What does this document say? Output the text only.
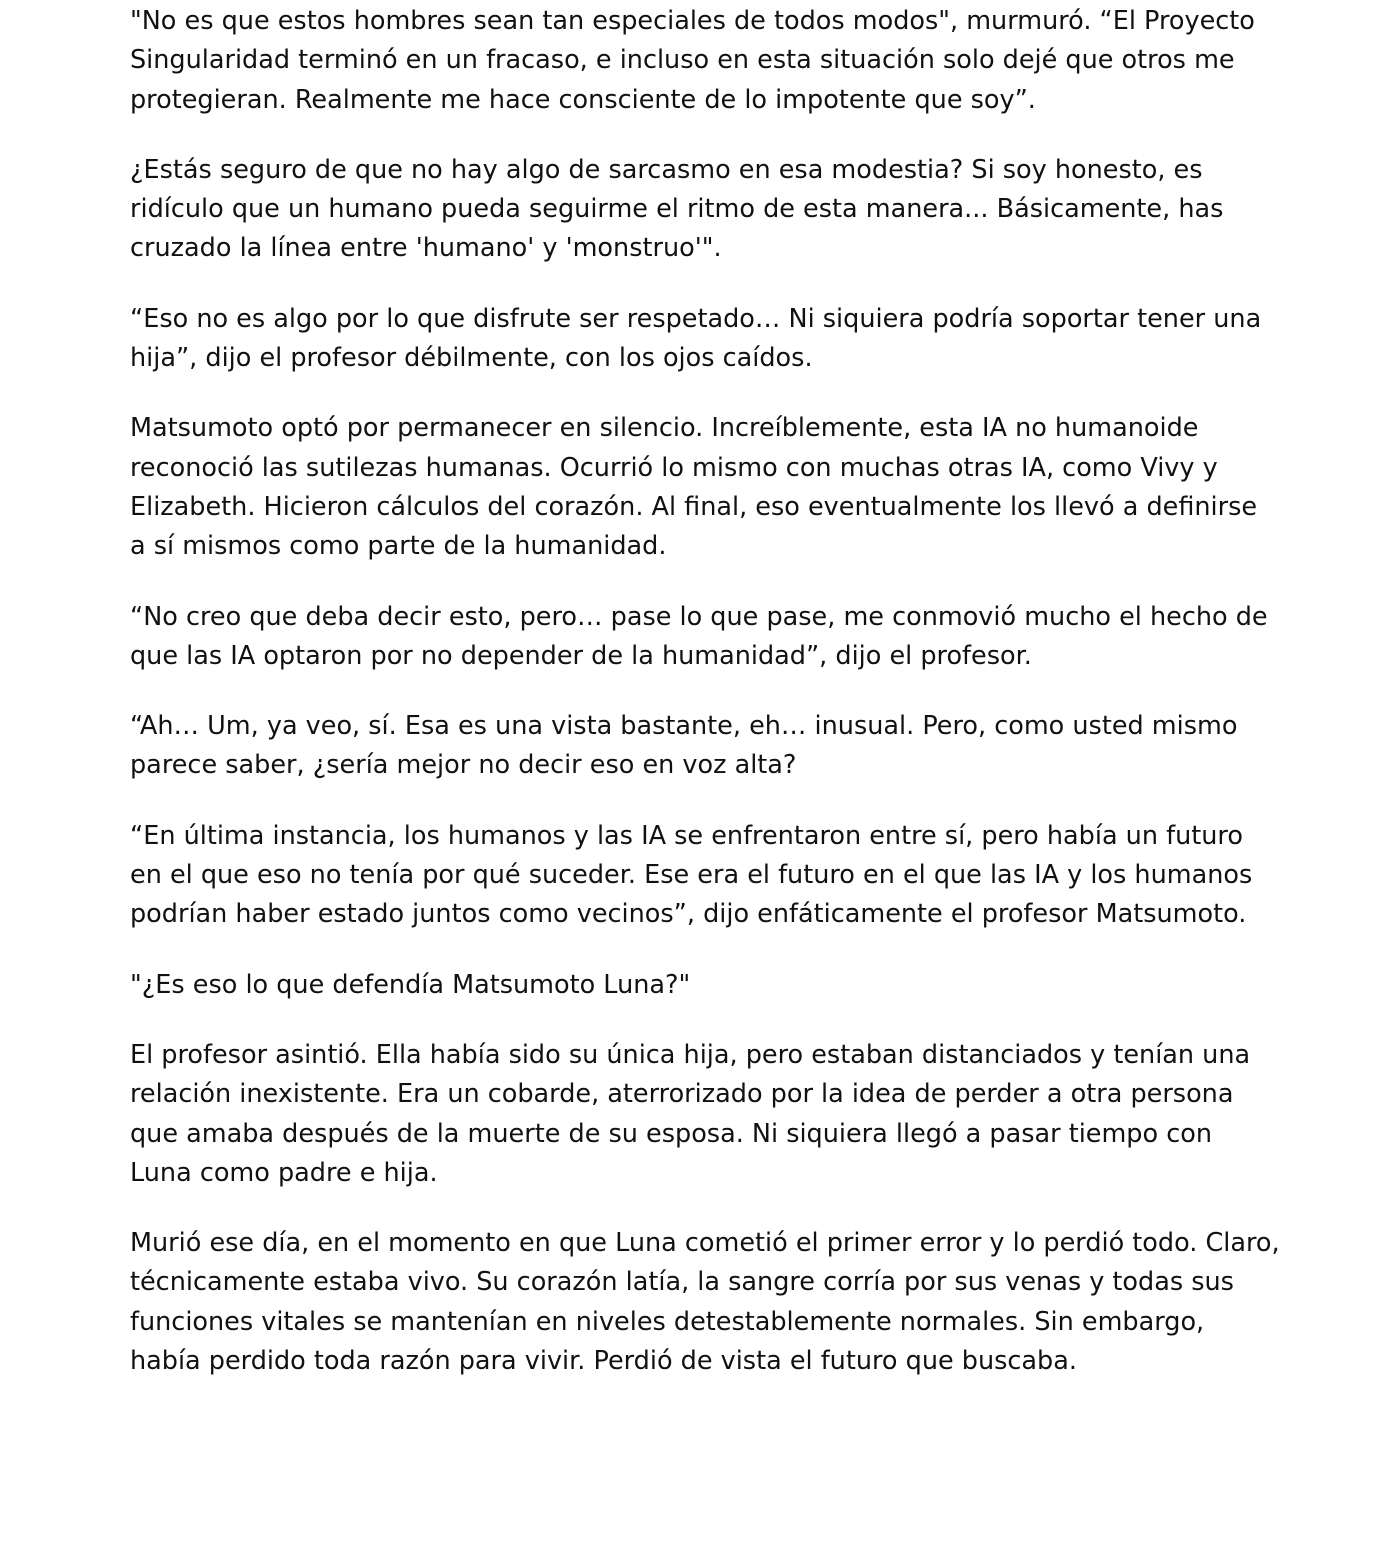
"No es que estos hombres sean tan especiales de todos modos", murmuró. “El Proyecto Singularidad terminó en un fracaso, e incluso en esta situación solo dejé que otros me protegieran. Realmente me hace consciente de lo impotente que soy”.

¿Estás seguro de que no hay algo de sarcasmo en esa modestia? Si soy honesto, es ridículo que un humano pueda seguirme el ritmo de esta manera... Básicamente, has cruzado la línea entre 'humano' y 'monstruo'".

“Eso no es algo por lo que disfrute ser respetado… Ni siquiera podría soportar tener una hija”, dijo el profesor débilmente, con los ojos caídos.

Matsumoto optó por permanecer en silencio. Increíblemente, esta IA no humanoide reconoció las sutilezas humanas. Ocurrió lo mismo con muchas otras IA, como Vivy y Elizabeth. Hicieron cálculos del corazón. Al final, eso eventualmente los llevó a definirse a sí mismos como parte de la humanidad.

“No creo que deba decir esto, pero… pase lo que pase, me conmovió mucho el hecho de que las IA optaron por no depender de la humanidad”, dijo el profesor.

“Ah… Um, ya veo, sí. Esa es una vista bastante, eh… inusual. Pero, como usted mismo parece saber, ¿sería mejor no decir eso en voz alta?

“En última instancia, los humanos y las IA se enfrentaron entre sí, pero había un futuro en el que eso no tenía por qué suceder. Ese era el futuro en el que las IA y los humanos podrían haber estado juntos como vecinos”, dijo enfáticamente el profesor Matsumoto.

"¿Es eso lo que defendía Matsumoto Luna?"

El profesor asintió. Ella había sido su única hija, pero estaban distanciados y tenían una relación inexistente. Era un cobarde, aterrorizado por la idea de perder a otra persona que amaba después de la muerte de su esposa. Ni siquiera llegó a pasar tiempo con Luna como padre e hija.

Murió ese día, en el momento en que Luna cometió el primer error y lo perdió todo. Claro, técnicamente estaba vivo. Su corazón latía, la sangre corría por sus venas y todas sus funciones vitales se mantenían en niveles detestablemente normales. Sin embargo, había perdido toda razón para vivir. Perdió de vista el futuro que buscaba.
